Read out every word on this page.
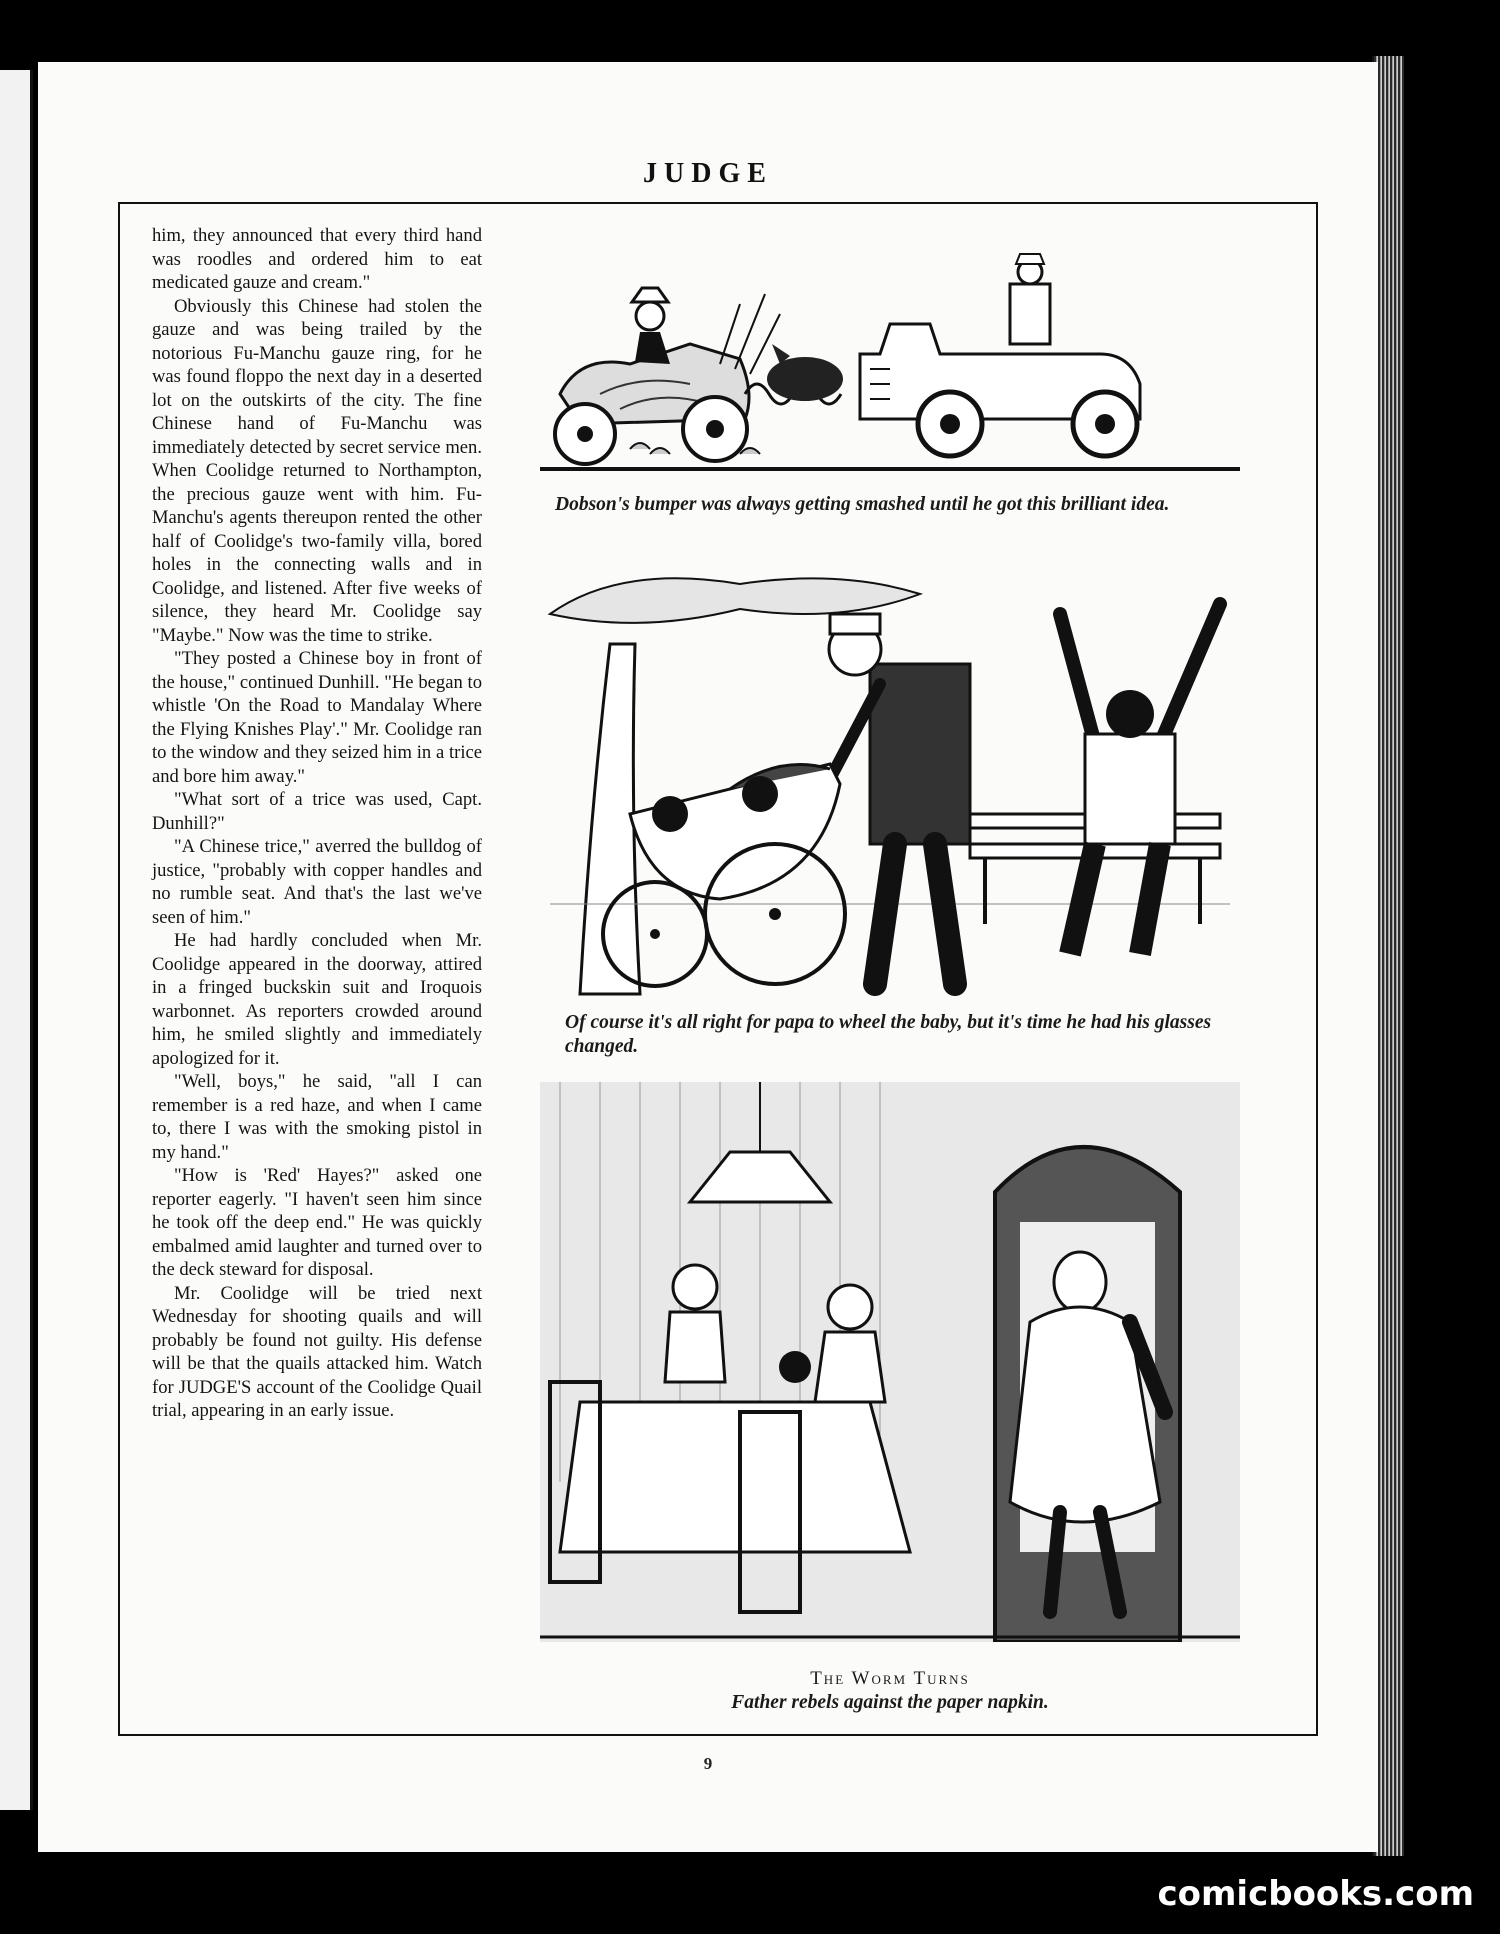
JUDGE

him, they announced that every third hand was roodles and ordered him to eat medicated gauze and cream."

Obviously this Chinese had stolen the gauze and was being trailed by the notorious Fu-Manchu gauze ring, for he was found floppo the next day in a deserted lot on the outskirts of the city. The fine Chinese hand of Fu-Manchu was immediately detected by secret service men. When Coolidge returned to Northampton, the precious gauze went with him. Fu-Manchu's agents thereupon rented the other half of Coolidge's two-family villa, bored holes in the connecting walls and in Coolidge, and listened. After five weeks of silence, they heard Mr. Coolidge say "Maybe." Now was the time to strike.

"They posted a Chinese boy in front of the house," continued Dunhill. "He began to whistle 'On the Road to Mandalay Where the Flying Knishes Play'." Mr. Coolidge ran to the window and they seized him in a trice and bore him away."

"What sort of a trice was used, Capt. Dunhill?"

"A Chinese trice," averred the bulldog of justice, "probably with copper handles and no rumble seat. And that's the last we've seen of him."

He had hardly concluded when Mr. Coolidge appeared in the doorway, attired in a fringed buckskin suit and Iroquois warbonnet. As reporters crowded around him, he smiled slightly and immediately apologized for it.

"Well, boys," he said, "all I can remember is a red haze, and when I came to, there I was with the smoking pistol in my hand."

"How is 'Red' Hayes?" asked one reporter eagerly. "I haven't seen him since he took off the deep end." He was quickly embalmed amid laughter and turned over to the deck steward for disposal.

Mr. Coolidge will be tried next Wednesday for shooting quails and will probably be found not guilty. His defense will be that the quails attacked him. Watch for JUDGE'S account of the Coolidge Quail trial, appearing in an early issue.

Dobson's bumper was always getting smashed until he got this brilliant idea.
Of course it's all right for papa to wheel the baby, but it's time he had his glasses changed.
The Worm Turns
Father rebels against the paper napkin.
9
comicbooks.com
